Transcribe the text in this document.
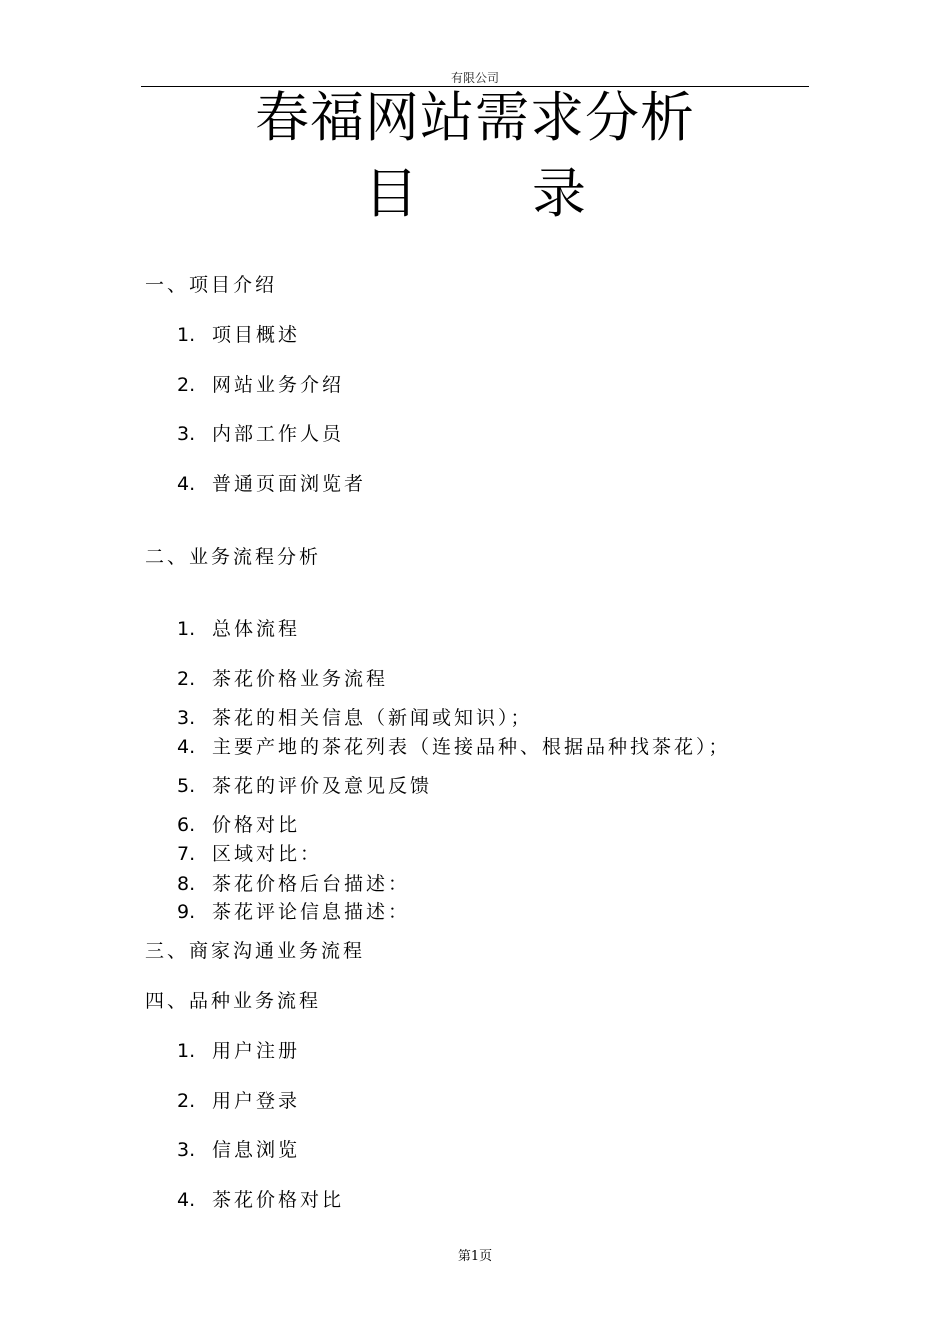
有限公司
春福网站需求分析
目 录
一、项目介绍
1. 项目概述
2. 网站业务介绍
3. 内部工作人员
4. 普通页面浏览者
二、业务流程分析
1. 总体流程
2. 茶花价格业务流程
3. 茶花的相关信息（新闻或知识）；
4. 主要产地的茶花列表（连接品种、根据品种找茶花）；
5. 茶花的评价及意见反馈
6. 价格对比
7. 区域对比：
8. 茶花价格后台描述：
9. 茶花评论信息描述：
三、商家沟通业务流程
四、品种业务流程
1. 用户注册
2. 用户登录
3. 信息浏览
4. 茶花价格对比
第1页
